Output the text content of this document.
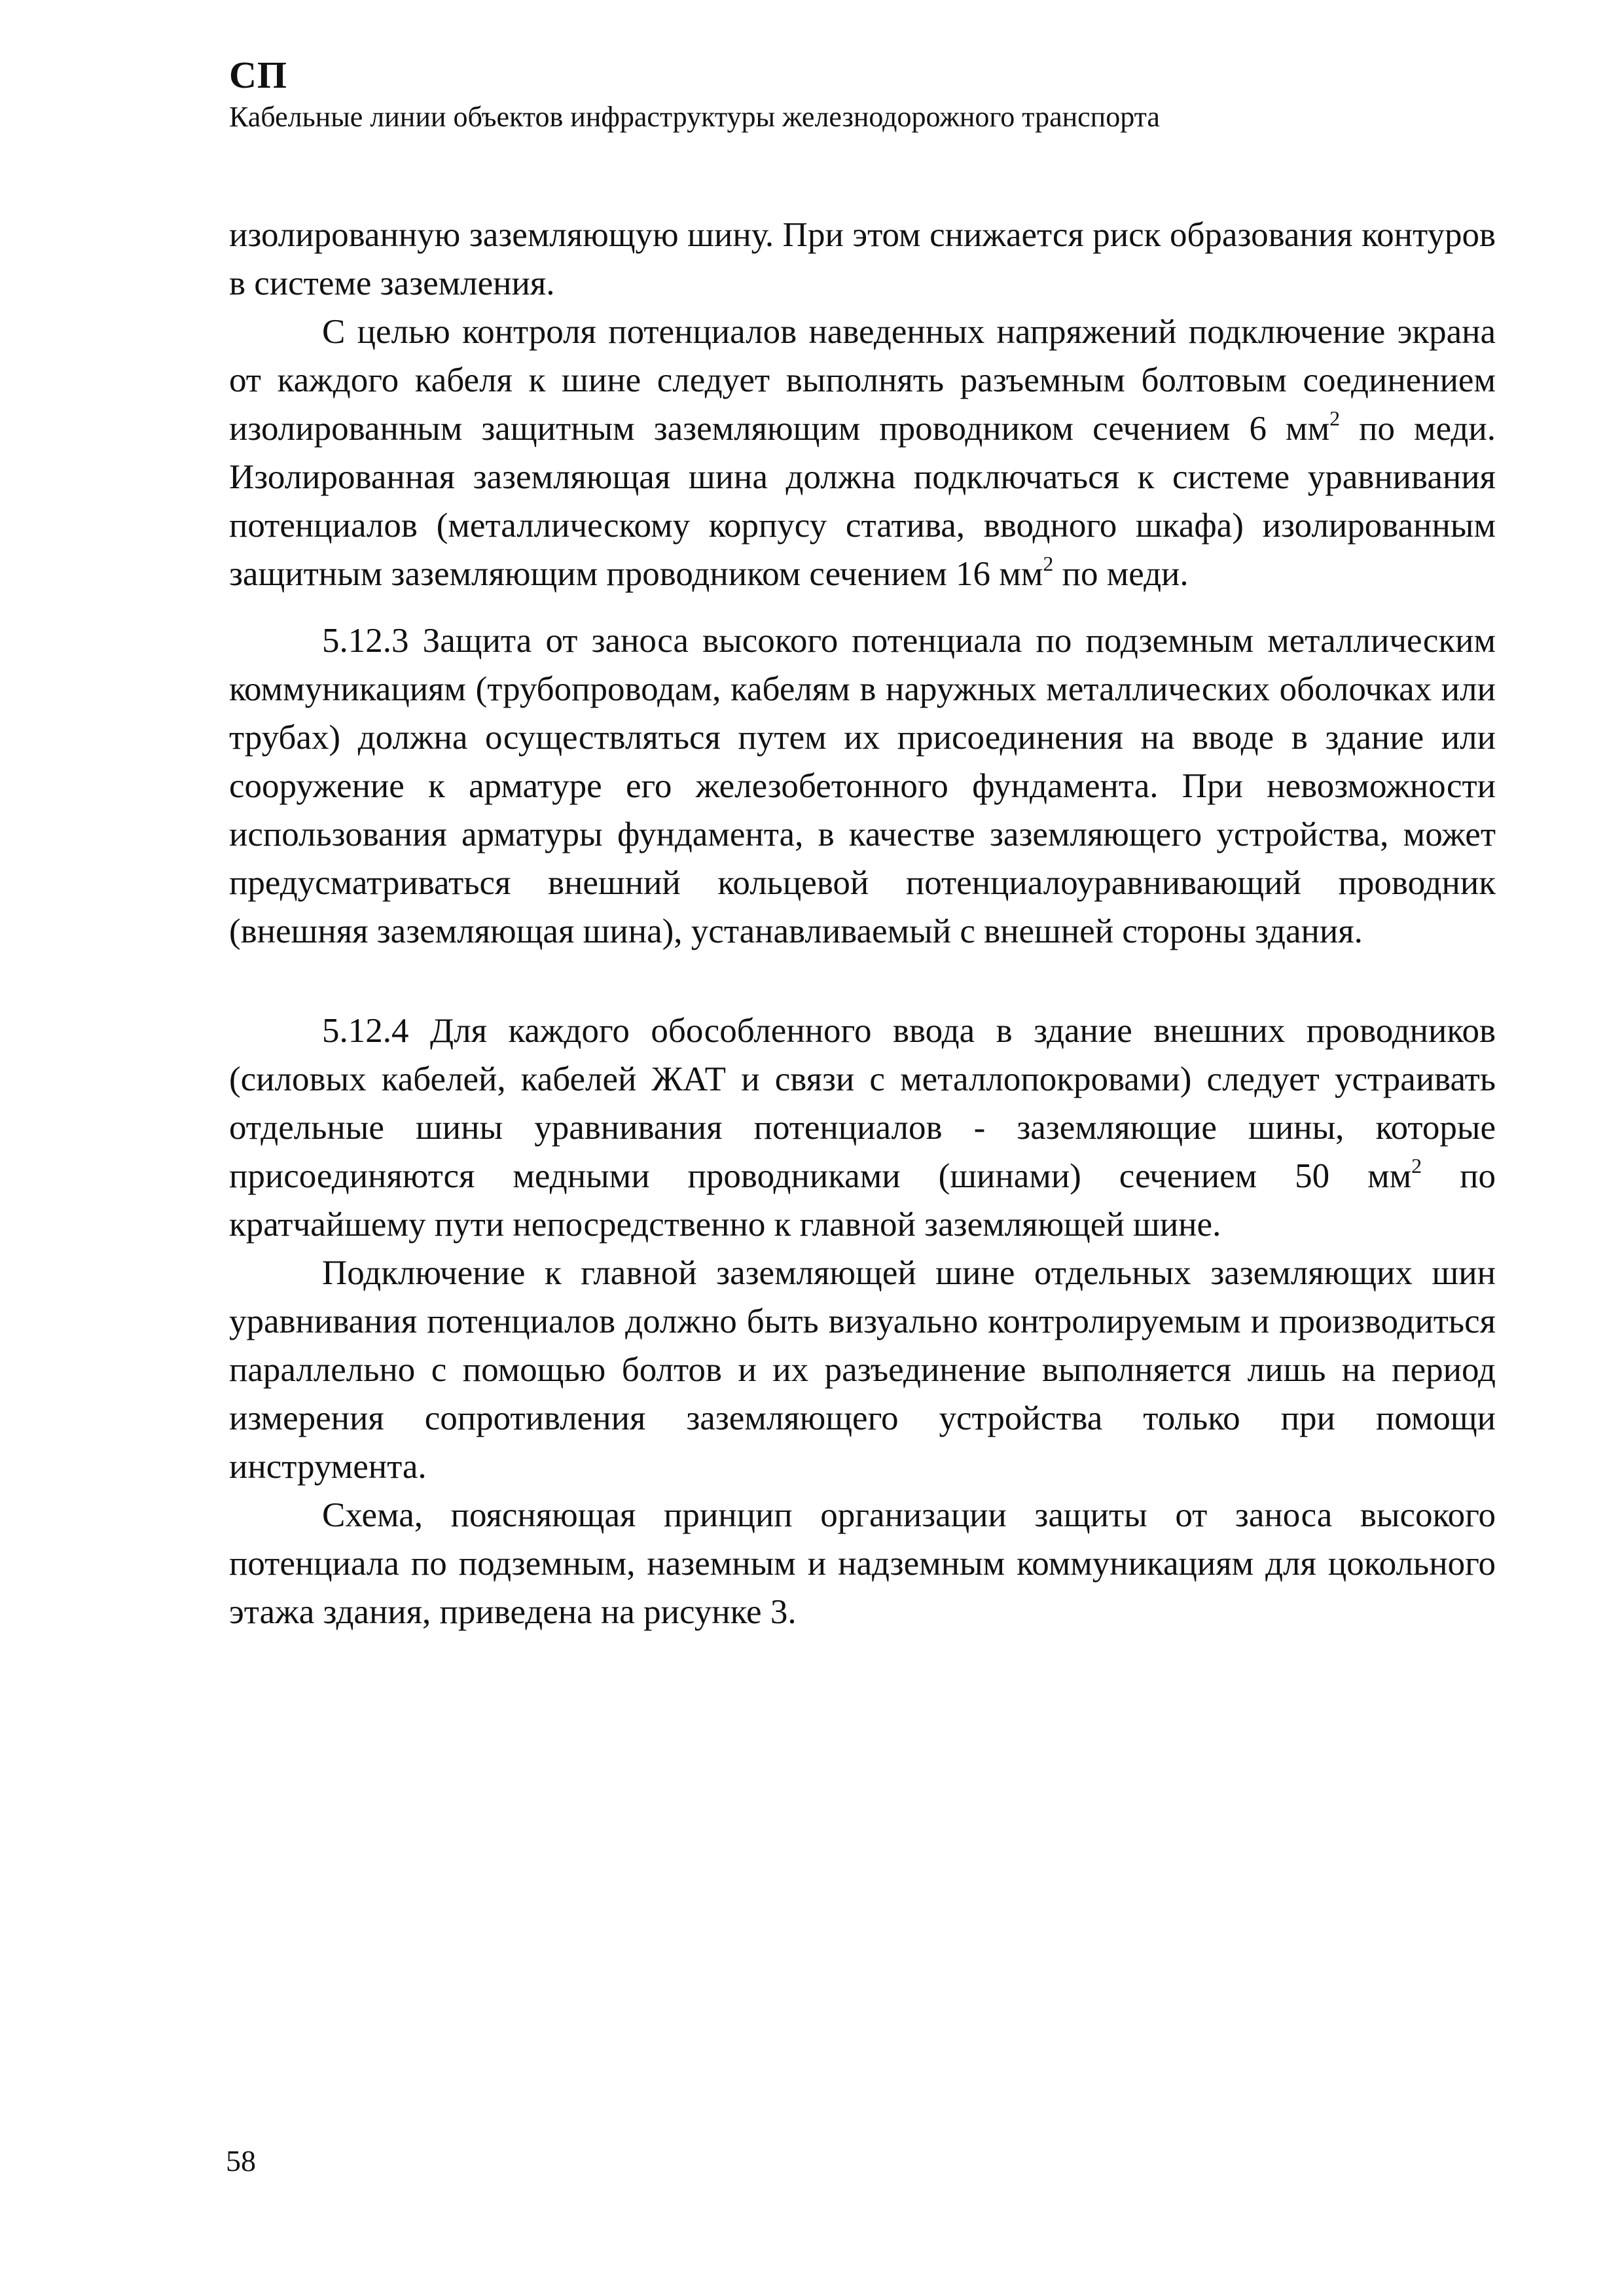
СП
Кабельные линии объектов инфраструктуры железнодорожного транспорта

изолированную заземляющую шину. При этом снижается риск образования контуров в системе заземления.

С целью контроля потенциалов наведенных напряжений подключение экрана от каждого кабеля к шине следует выполнять разъемным болтовым соединением изолированным защитным заземляющим проводником сечением 6 $мм^2$ по меди. Изолированная заземляющая шина должна подключаться к системе уравнивания потенциалов (металлическому корпусу статива, вводного шкафа) изолированным защитным заземляющим проводником сечением 16 $мм^2$ по меди.

5.12.3 Защита от заноса высокого потенциала по подземным металлическим коммуникациям (трубопроводам, кабелям в наружных металлических оболочках или трубах) должна осуществляться путем их присоединения на вводе в здание или сооружение к арматуре его железобетонного фундамента. При невозможности использования арматуры фундамента, в качестве заземляющего устройства, может предусматриваться внешний кольцевой потенциалоуравнивающий проводник (внешняя заземляющая шина), устанавливаемый с внешней стороны здания.

5.12.4 Для каждого обособленного ввода в здание внешних проводников (силовых кабелей, кабелей ЖАТ и связи с металлопокровами) следует устраивать отдельные шины уравнивания потенциалов - заземляющие шины, которые присоединяются медными проводниками (шинами) сечением 50 $мм^2$ по кратчайшему пути непосредственно к главной заземляющей шине.

Подключение к главной заземляющей шине отдельных заземляющих шин уравнивания потенциалов должно быть визуально контролируемым и производиться параллельно с помощью болтов и их разъединение выполняется лишь на период измерения сопротивления заземляющего устройства только при помощи инструмента.

Схема, поясняющая принцип организации защиты от заноса высокого потенциала по подземным, наземным и надземным коммуникациям для цокольного этажа здания, приведена на рисунке 3.

58
